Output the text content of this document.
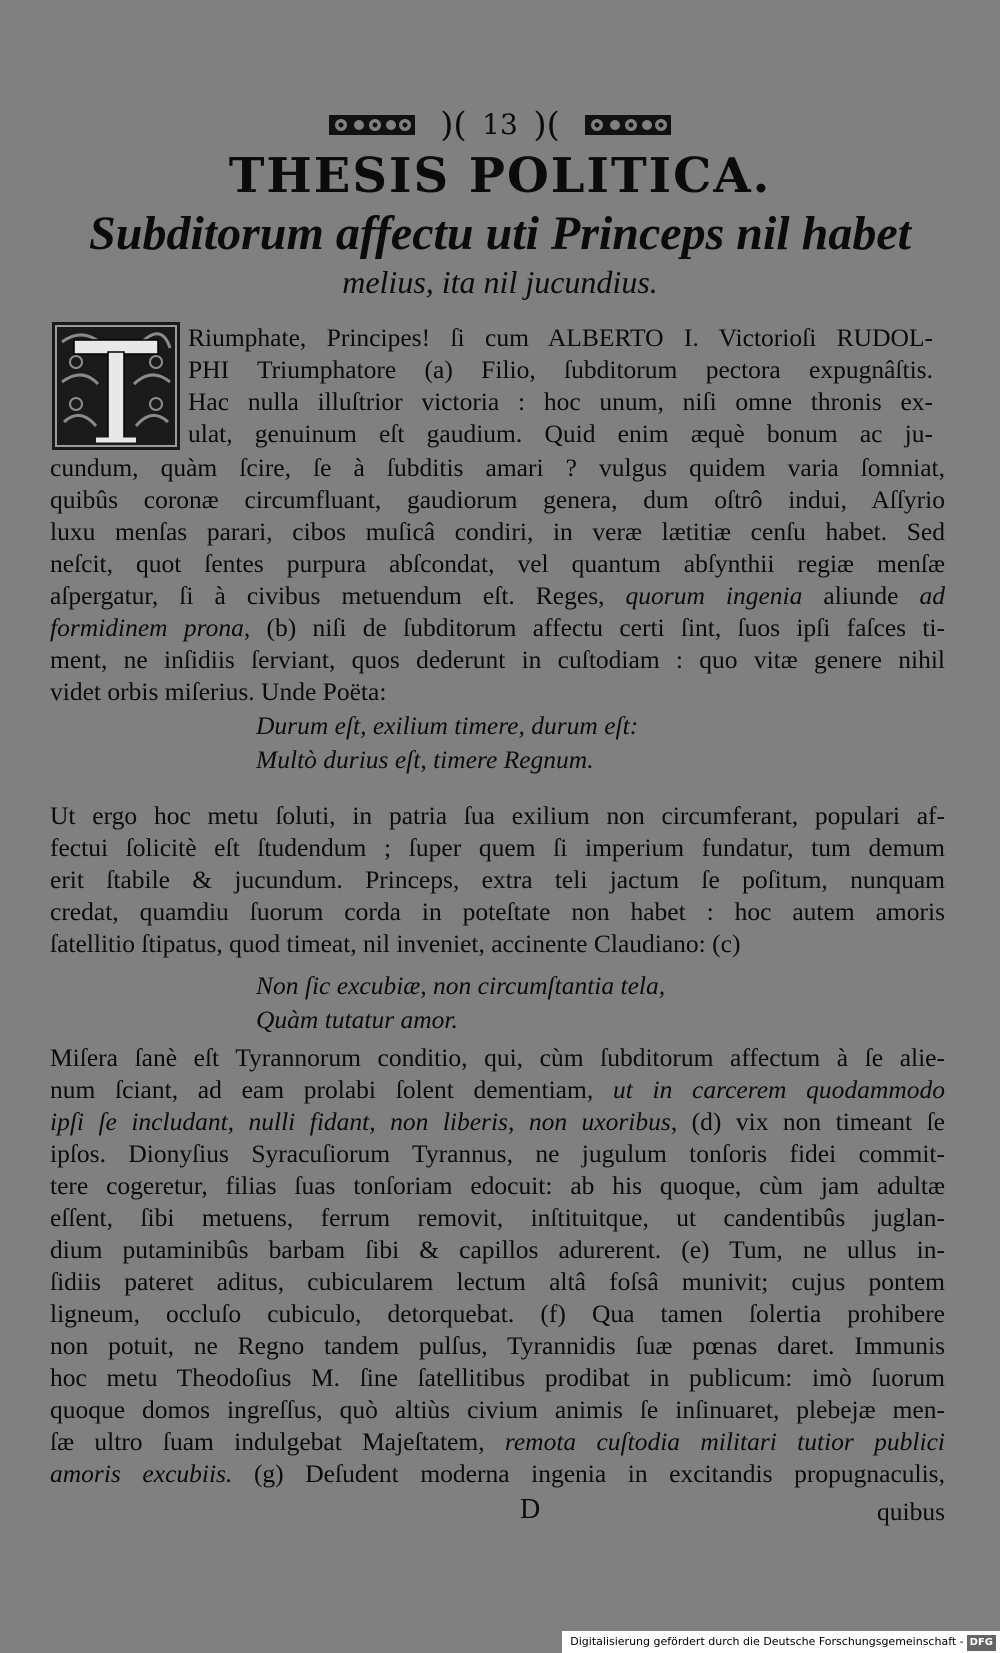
)( 13 )(
THESIS POLITICA.
Subditorum affectu uti Princeps nil habet
melius, ita nil jucundius.
Riumphate, Principes! ſi cum ALBERTO I. Victorioſi RUDOL-
PHI Triumphatore (a) Filio, ſubditorum pectora expugnâſtis.
Hac nulla illuſtrior victoria : hoc unum, niſi omne thronis ex-
ulat, genuinum eſt gaudium. Quid enim æquè bonum ac ju-
cundum, quàm ſcire, ſe à ſubditis amari ? vulgus quidem varia ſomniat,
quibûs coronæ circumfluant, gaudiorum genera, dum oſtrô indui, Aſſyrio
luxu menſas parari, cibos muſicâ condiri, in veræ lætitiæ cenſu habet. Sed
neſcit, quot ſentes purpura abſcondat, vel quantum abſynthii regiæ menſæ
aſpergatur, ſi à civibus metuendum eſt. Reges, quorum ingenia aliunde ad
formidinem prona, (b) niſi de ſubditorum affectu certi ſint, ſuos ipſi faſces ti-
ment, ne inſidiis ſerviant, quos dederunt in cuſtodiam : quo vitæ genere nihil
videt orbis miſerius. Unde Poëta:
Durum eſt, exilium timere, durum eſt:
Multò durius eſt, timere Regnum.
Ut ergo hoc metu ſoluti, in patria ſua exilium non circumferant, populari af-
fectui ſolicitè eſt ſtudendum ; ſuper quem ſi imperium fundatur, tum demum
erit ſtabile & jucundum. Princeps, extra teli jactum ſe poſitum, nunquam
credat, quamdiu ſuorum corda in poteſtate non habet : hoc autem amoris
ſatellitio ſtipatus, quod timeat, nil inveniet, accinente Claudiano: (c)
Non ſic excubiæ, non circumſtantia tela,
Quàm tutatur amor.
Miſera ſanè eſt Tyrannorum conditio, qui, cùm ſubditorum affectum à ſe alie-
num ſciant, ad eam prolabi ſolent dementiam, ut in carcerem quodammodo
ipſi ſe includant, nulli fidant, non liberis, non uxoribus, (d) vix non timeant ſe
ipſos. Dionyſius Syracuſiorum Tyrannus, ne jugulum tonſoris fidei commit-
tere cogeretur, filias ſuas tonſoriam edocuit: ab his quoque, cùm jam adultæ
eſſent, ſibi metuens, ferrum removit, inſtituitque, ut candentibûs juglan-
dium putaminibûs barbam ſibi & capillos adurerent. (e) Tum, ne ullus in-
ſidiis pateret aditus, cubicularem lectum altâ foſsâ munivit; cujus pontem
ligneum, occluſo cubiculo, detorquebat. (f) Qua tamen ſolertia prohibere
non potuit, ne Regno tandem pulſus, Tyrannidis ſuæ pœnas daret. Immunis
hoc metu Theodoſius M. ſine ſatellitibus prodibat in publicum: imò ſuorum
quoque domos ingreſſus, quò altiùs civium animis ſe inſinuaret, plebejæ men-
ſæ ultro ſuam indulgebat Majeſtatem, remota cuſtodia militari tutior publici
amoris excubiis. (g) Deſudent moderna ingenia in excitandis propugnaculis,
D	quibus
Digitalisierung gefördert durch die Deutsche Forschungsgemeinschaft - DFG
